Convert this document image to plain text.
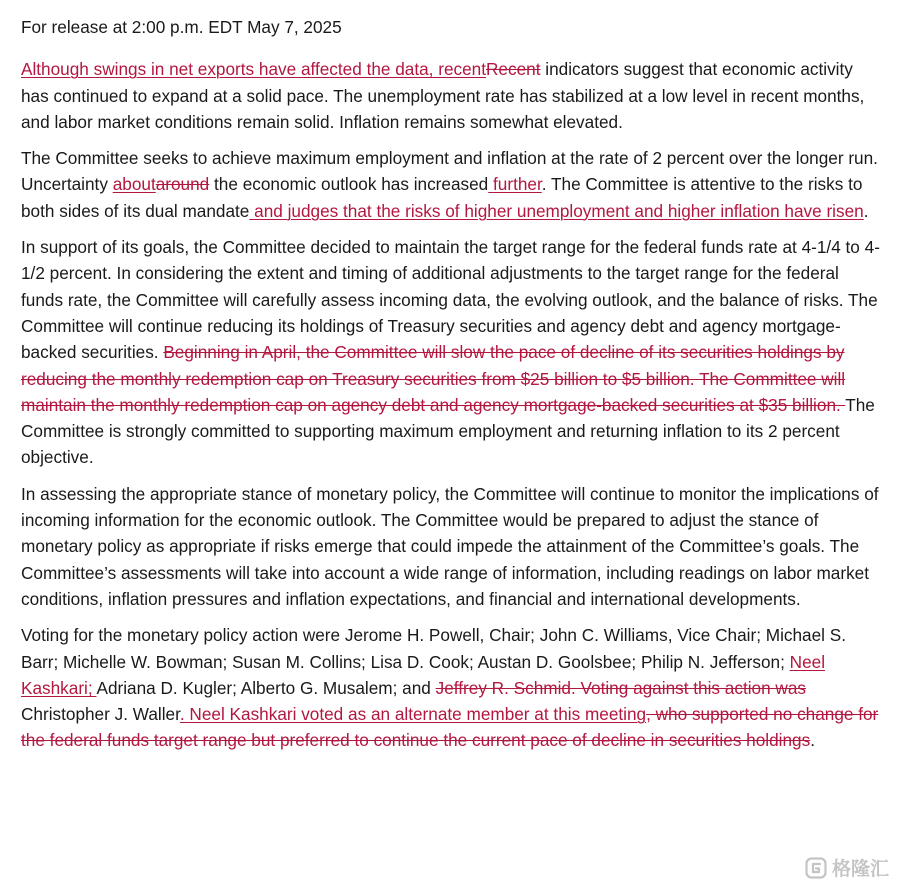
For release at 2:00 p.m. EDT May 7, 2025

Although swings in net exports have affected the data, recentRecent indicators suggest that economic activity has continued to expand at a solid pace. The unemployment rate has stabilized at a low level in recent months, and labor market conditions remain solid. Inflation remains somewhat elevated.

The Committee seeks to achieve maximum employment and inflation at the rate of 2 percent over the longer run. Uncertainty aboutaround the economic outlook has increased further. The Committee is attentive to the risks to both sides of its dual mandate and judges that the risks of higher unemployment and higher inflation have risen.

In support of its goals, the Committee decided to maintain the target range for the federal funds rate at 4-1/4 to 4-1/2 percent. In considering the extent and timing of additional adjustments to the target range for the federal funds rate, the Committee will carefully assess incoming data, the evolving outlook, and the balance of risks. The Committee will continue reducing its holdings of Treasury securities and agency debt and agency mortgage-backed securities. Beginning in April, the Committee will slow the pace of decline of its securities holdings by reducing the monthly redemption cap on Treasury securities from $25 billion to $5 billion. The Committee will maintain the monthly redemption cap on agency debt and agency mortgage-backed securities at $35 billion. The Committee is strongly committed to supporting maximum employment and returning inflation to its 2 percent objective.

In assessing the appropriate stance of monetary policy, the Committee will continue to monitor the implications of incoming information for the economic outlook. The Committee would be prepared to adjust the stance of monetary policy as appropriate if risks emerge that could impede the attainment of the Committee’s goals. The Committee’s assessments will take into account a wide range of information, including readings on labor market conditions, inflation pressures and inflation expectations, and financial and international developments.

Voting for the monetary policy action were Jerome H. Powell, Chair; John C. Williams, Vice Chair; Michael S. Barr; Michelle W. Bowman; Susan M. Collins; Lisa D. Cook; Austan D. Goolsbee; Philip N. Jefferson; Neel Kashkari; Adriana D. Kugler; Alberto G. Musalem; and Jeffrey R. Schmid. Voting against this action was Christopher J. Waller. Neel Kashkari voted as an alternate member at this meeting, who supported no change for the federal funds target range but preferred to continue the current pace of decline in securities holdings.

格隆汇
